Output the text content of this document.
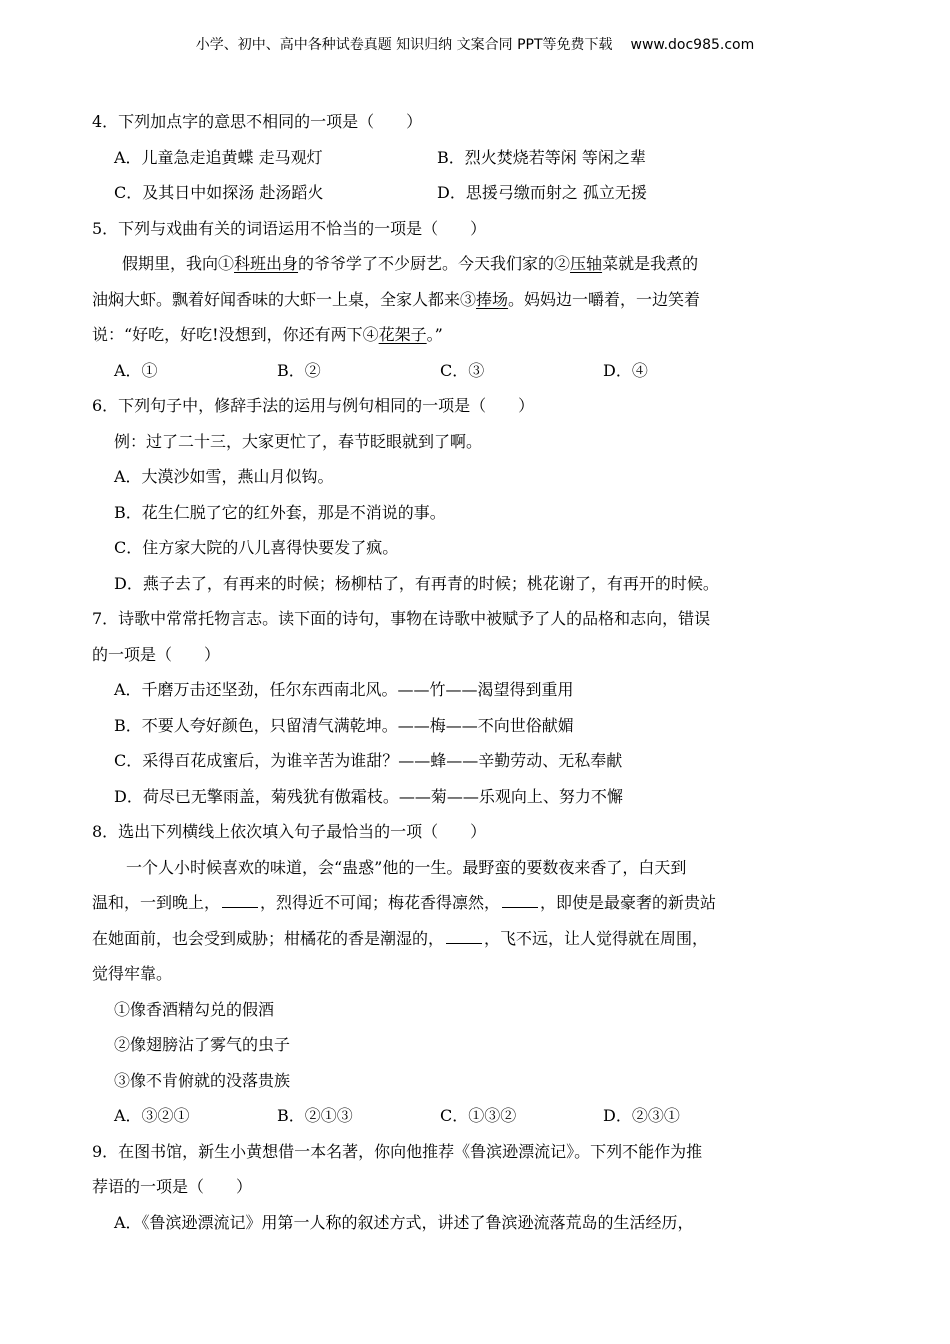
小学、初中、高中各种试卷真题 知识归纳 文案合同 PPT等免费下载 www.doc985.com
4．下列加点字的意思不相同的一项是（　　）
A．儿童急走追黄蝶 走马观灯	B．烈火焚烧若等闲 等闲之辈
C．及其日中如探汤 赴汤蹈火	D．思援弓缴而射之 孤立无援
5．下列与戏曲有关的词语运用不恰当的一项是（　　）
假期里，我向①科班出身的爷爷学了不少厨艺。今天我们家的②压轴菜就是我煮的
油焖大虾。飘着好闻香味的大虾一上桌，全家人都来③捧场。妈妈边一嚼着，一边笑着
说：“好吃，好吃!没想到，你还有两下④花架子。”
A．①	B．②	C．③	D．④
6．下列句子中，修辞手法的运用与例句相同的一项是（　　）
例：过了二十三，大家更忙了，春节眨眼就到了啊。
A．大漠沙如雪，燕山月似钩。
B．花生仁脱了它的红外套，那是不消说的事。
C．住方家大院的八儿喜得快要发了疯。
D．燕子去了，有再来的时候；杨柳枯了，有再青的时候；桃花谢了，有再开的时候。
7．诗歌中常常托物言志。读下面的诗句，事物在诗歌中被赋予了人的品格和志向，错误
的一项是（　　）
A．千磨万击还坚劲，任尔东西南北风。——竹——渴望得到重用
B．不要人夸好颜色，只留清气满乾坤。——梅——不向世俗献媚
C．采得百花成蜜后，为谁辛苦为谁甜？——蜂——辛勤劳动、无私奉献
D．荷尽已无擎雨盖，菊残犹有傲霜枝。——菊——乐观向上、努力不懈
8．选出下列横线上依次填入句子最恰当的一项（　　）
一个人小时候喜欢的味道，会“蛊惑”他的一生。最野蛮的要数夜来香了，白天到
温和，一到晚上，	，烈得近不可闻；梅花香得凛然，	，即使是最豪奢的新贵站
在她面前，也会受到威胁；柑橘花的香是潮湿的，	，飞不远，让人觉得就在周围，
觉得牢靠。
①像香酒精勾兑的假酒
②像翅膀沾了雾气的虫子
③像不肯俯就的没落贵族
A．③②①	B．②①③	C．①③②	D．②③①
9．在图书馆，新生小黄想借一本名著，你向他推荐《鲁滨逊漂流记》。下列不能作为推
荐语的一项是（　　）
A．《鲁滨逊漂流记》用第一人称的叙述方式，讲述了鲁滨逊流落荒岛的生活经历，
